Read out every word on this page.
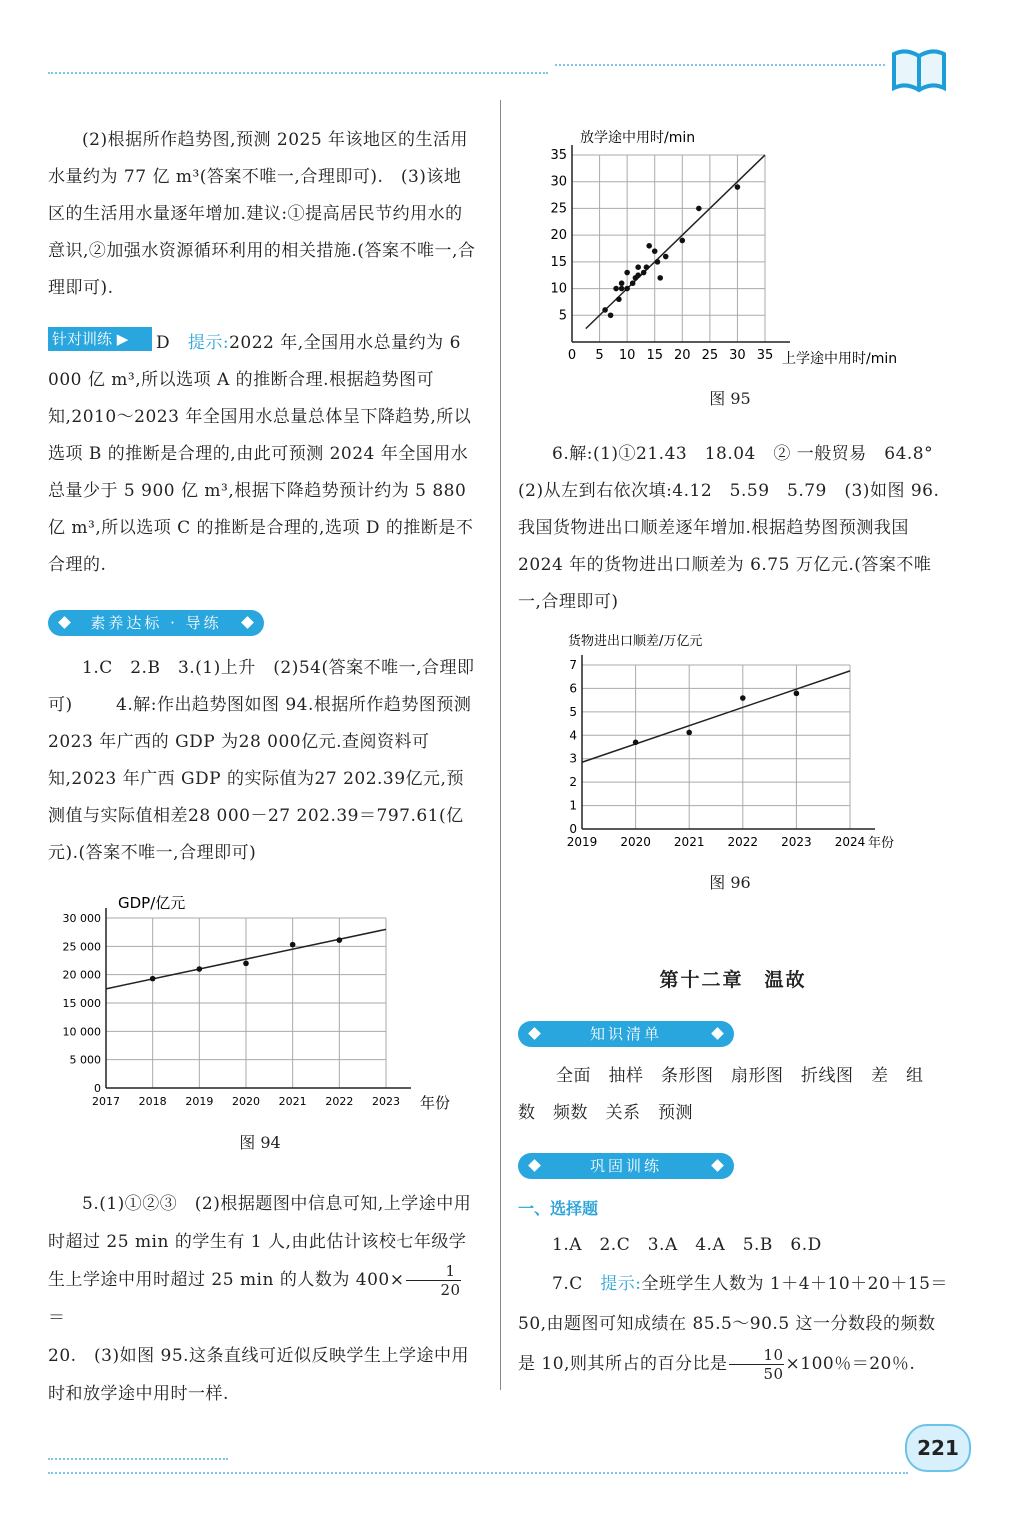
(2)根据所作趋势图,预测 2025 年该地区的生活用水量约为 77 亿 m³(答案不唯一,合理即可).　(3)该地区的生活用水量逐年增加.建议:①提高居民节约用水的意识,②加强水资源循环利用的相关措施.(答案不唯一,合理即可).
针对训练 ▶	D 提示:2022 年,全国用水总量约为 6 000 亿 m³,所以选项 A 的推断合理.根据趋势图可知,2010～2023 年全国用水总量总体呈下降趋势,所以选项 B 的推断是合理的,由此可预测 2024 年全国用水总量少于 5 900 亿 m³,根据下降趋势预计约为 5 880 亿 m³,所以选项 C 的推断是合理的,选项 D 的推断是不合理的.
素养达标 · 导练
1.C　2.B　3.(1)上升　(2)54(答案不唯一,合理即可)	4.解:作出趋势图如图 94.根据所作趋势图预测 2023 年广西的 GDP 为28 000亿元.查阅资料可知,2023 年广西 GDP 的实际值为27 202.39亿元,预测值与实际值相差28 000－27 202.39＝797.61(亿元).(答案不唯一,合理即可)
0
5 000
10 000
15 000
20 000
25 000
30 000
2017 2018 2019 2020 2021 2022 2023
GDP/亿元
年份
图 94
5.(1)①②③　(2)根据题图中信息可知,上学途中用时超过 25 min 的学生有 1 人,由此估计该校七年级学生上学途中用时超过 25 min 的人数为 $400\times \frac{1}{20}$
＝
20.　(3)如图 95.这条直线可近似反映学生上学途中用时和放学途中用时一样.
5
10
15
20
25
30
35
0 5 10 15 20 25 30 35
放学途中用时/min
上学途中用时/min
图 95
6.解:(1)①21.43　18.04　② 一般贸易　64.8°　(2)从左到右依次填:4.12　5.59　5.79　(3)如图 96.我国货物进出口顺差逐年增加.根据趋势图预测我国 2024 年的货物进出口顺差为 6.75 万亿元.(答案不唯一,合理即可)
0
1
2
3
4
5
6
7
2019 2020 2021 2022 2023 2024
货物进出口顺差/万亿元
年份
图 96
第十二章　温故
知识清单
全面　抽样　条形图　扇形图　折线图　差　组
数　频数　关系　预测
巩固训练
一、选择题
1.A　2.C　3.A　4.A　5.B　6.D
7.C　提示:全班学生人数为 1＋4＋10＋20＋15＝50,由题图可知成绩在 85.5～90.5 这一分数段的频数是 10,则其所占的百分比是 $\frac{10}{50} \times 100$％＝20％.
221
